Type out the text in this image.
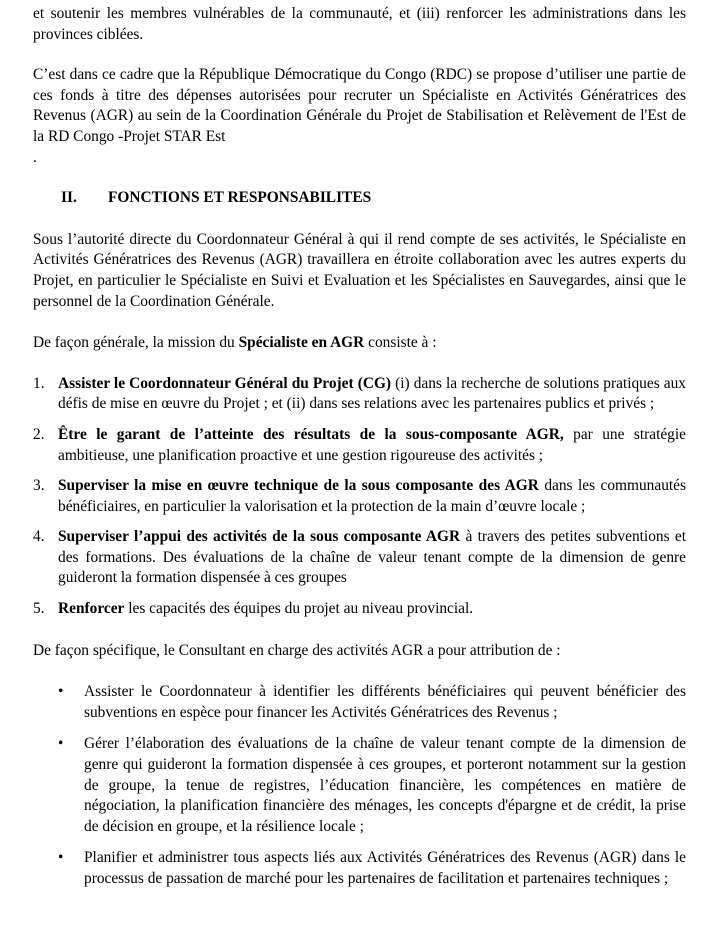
et soutenir les membres vulnérables de la communauté, et (iii) renforcer les administrations dans les provinces ciblées.

C’est dans ce cadre que la République Démocratique du Congo (RDC) se propose d’utiliser une partie de ces fonds à titre des dépenses autorisées pour recruter un Spécialiste en Activités Génératrices des Revenus (AGR) au sein de la Coordination Générale du Projet de Stabilisation et Relèvement de l'Est de la RD Congo -Projet STAR Est

.

II.	FONCTIONS ET RESPONSABILITES

Sous l’autorité directe du Coordonnateur Général à qui il rend compte de ses activités, le Spécialiste en Activités Génératrices des Revenus (AGR) travaillera en étroite collaboration avec les autres experts du Projet, en particulier le Spécialiste en Suivi et Evaluation et les Spécialistes en Sauvegardes, ainsi que le personnel de la Coordination Générale.

De façon générale, la mission du Spécialiste en AGR consiste à :

1. Assister le Coordonnateur Général du Projet (CG) (i) dans la recherche de solutions pratiques aux défis de mise en œuvre du Projet ; et (ii) dans ses relations avec les partenaires publics et privés ;
2. Être le garant de l’atteinte des résultats de la sous-composante AGR, par une stratégie ambitieuse, une planification proactive et une gestion rigoureuse des activités ;
3. Superviser la mise en œuvre technique de la sous composante des AGR dans les communautés bénéficiaires, en particulier la valorisation et la protection de la main d’œuvre locale ;
4. Superviser l’appui des activités de la sous composante AGR à travers des petites subventions et des formations. Des évaluations de la chaîne de valeur tenant compte de la dimension de genre guideront la formation dispensée à ces groupes
5. Renforcer les capacités des équipes du projet au niveau provincial.

De façon spécifique, le Consultant en charge des activités AGR a pour attribution de :

•	Assister le Coordonnateur à identifier les différents bénéficiaires qui peuvent bénéficier des subventions en espèce pour financer les Activités Génératrices des Revenus ;
•	Gérer l’élaboration des évaluations de la chaîne de valeur tenant compte de la dimension de genre qui guideront la formation dispensée à ces groupes, et porteront notamment sur la gestion de groupe, la tenue de registres, l’éducation financière, les compétences en matière de négociation, la planification financière des ménages, les concepts d'épargne et de crédit, la prise de décision en groupe, et la résilience locale ;
•	Planifier et administrer tous aspects liés aux Activités Génératrices des Revenus (AGR) dans le processus de passation de marché pour les partenaires de facilitation et partenaires techniques ;
